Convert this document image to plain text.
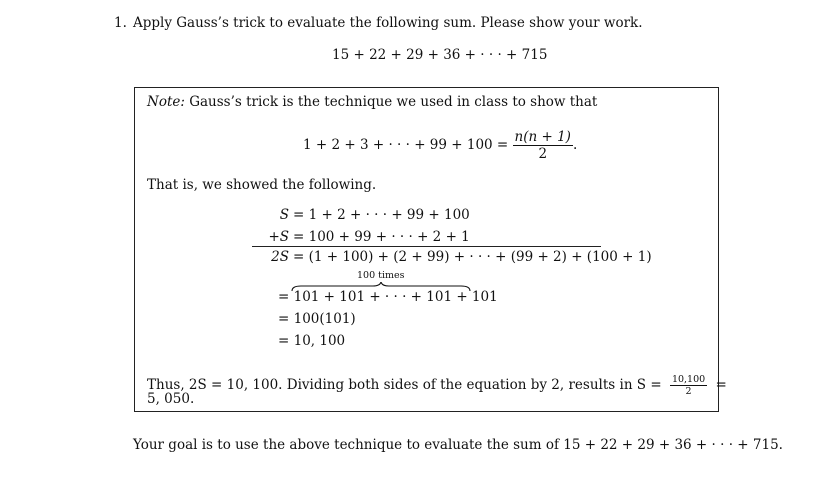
1. Apply Gauss’s trick to evaluate the following sum. Please show your work.
15 + 22 + 29 + 36 + · · · + 715
Note: Gauss’s trick is the technique we used in class to show that
1 + 2 + 3 + · · · + $99 + 100 = \frac{n(n + 1)}{2}$ .
That is, we showed the following.
S = 1 + 2 + · · · + 99 + 100
+S = 100 + 99 + · · · + 2 + 1
2S = (1 + 100) + (2 + 99) + · · · + (99 + 2) + (100 + 1)
100 times
= 101 + 101 + · · · + 101 + 101
= 100(101)
= 10, 100
Thus, 2S = 10, 100. Dividing both sides of the equation by 2, results in $S = \frac{10,100}{2}$ =
5, 050.
Your goal is to use the above technique to evaluate the sum of 15 + 22 + 29 + 36 + · · · + 715.
